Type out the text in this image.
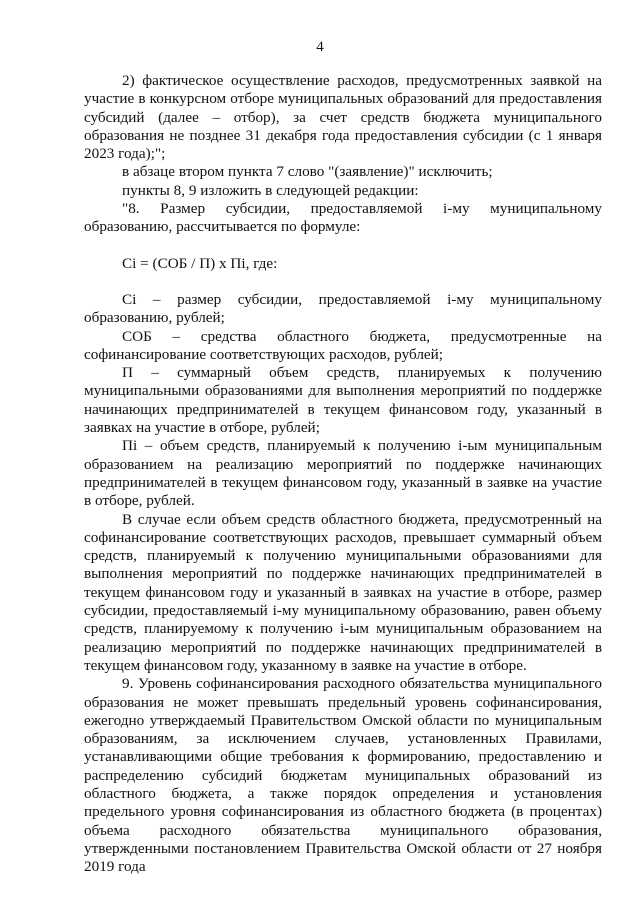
4

2) фактическое осуществление расходов, предусмотренных заявкой на участие в конкурсном отборе муниципальных образований для предоставления субсидий (далее – отбор), за счет средств бюджета муниципального образования не позднее 31 декабря года предоставления субсидии (с 1 января 2023 года);";

в абзаце втором пункта 7 слово "(заявление)" исключить;

пункты 8, 9 изложить в следующей редакции:

"8. Размер субсидии, предоставляемой i-му муниципальному образованию, рассчитывается по формуле:

Ci = (СОБ / П) х Пi, где:

Ci – размер субсидии, предоставляемой i-му муниципальному образованию, рублей;

СОБ – средства областного бюджета, предусмотренные на софинансирование соответствующих расходов, рублей;

П – суммарный объем средств, планируемых к получению муниципальными образованиями для выполнения мероприятий по поддержке начинающих предпринимателей в текущем финансовом году, указанный в заявках на участие в отборе, рублей;

Пi – объем средств, планируемый к получению i-ым муниципальным образованием на реализацию мероприятий по поддержке начинающих предпринимателей в текущем финансовом году, указанный в заявке на участие в отборе, рублей.

В случае если объем средств областного бюджета, предусмотренный на софинансирование соответствующих расходов, превышает суммарный объем средств, планируемый к получению муниципальными образованиями для выполнения мероприятий по поддержке начинающих предпринимателей в текущем финансовом году и указанный в заявках на участие в отборе, размер субсидии, предоставляемый i-му муниципальному образованию, равен объему средств, планируемому к получению i-ым муниципальным образованием на реализацию мероприятий по поддержке начинающих предпринимателей в текущем финансовом году, указанному в заявке на участие в отборе.

9. Уровень софинансирования расходного обязательства муниципального образования не может превышать предельный уровень софинансирования, ежегодно утверждаемый Правительством Омской области по муниципальным образованиям, за исключением случаев, установленных Правилами, устанавливающими общие требования к формированию, предоставлению и распределению субсидий бюджетам муниципальных образований из областного бюджета, а также порядок определения и установления предельного уровня софинансирования из областного бюджета (в процентах) объема расходного обязательства муниципального образования, утвержденными постановлением Правительства Омской области от 27 ноября 2019 года
